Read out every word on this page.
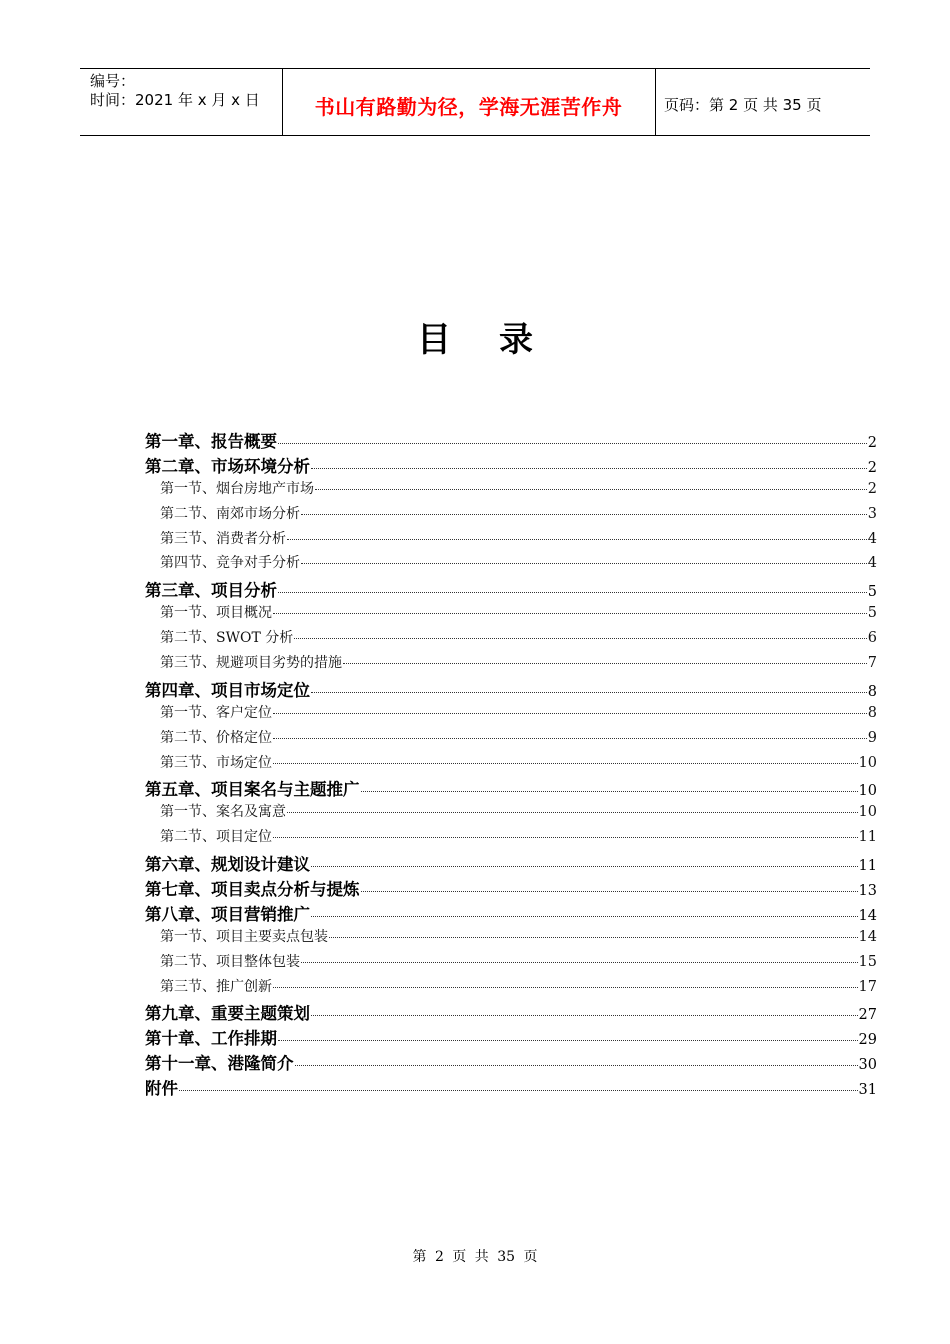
编号：
时间：2021 年 x 月 x 日	书山有路勤为径，学海无涯苦作舟	页码：第 2 页 共 35 页
目录
第一章、报告概要	2
第二章、市场环境分析	2
第一节、烟台房地产市场	2
第二节、南郊市场分析	3
第三节、消费者分析	4
第四节、竞争对手分析	4
第三章、项目分析	5
第一节、项目概况	5
第二节、SWOT 分析	6
第三节、规避项目劣势的措施	7
第四章、项目市场定位	8
第一节、客户定位	8
第二节、价格定位	9
第三节、市场定位	10
第五章、项目案名与主题推广	10
第一节、案名及寓意	10
第二节、项目定位	11
第六章、规划设计建议	11
第七章、项目卖点分析与提炼	13
第八章、项目营销推广	14
第一节、项目主要卖点包装	14
第二节、项目整体包装	15
第三节、推广创新	17
第九章、重要主题策划	27
第十章、工作排期	29
第十一章、港隆简介	30
附件	31
第 2 页 共 35 页
